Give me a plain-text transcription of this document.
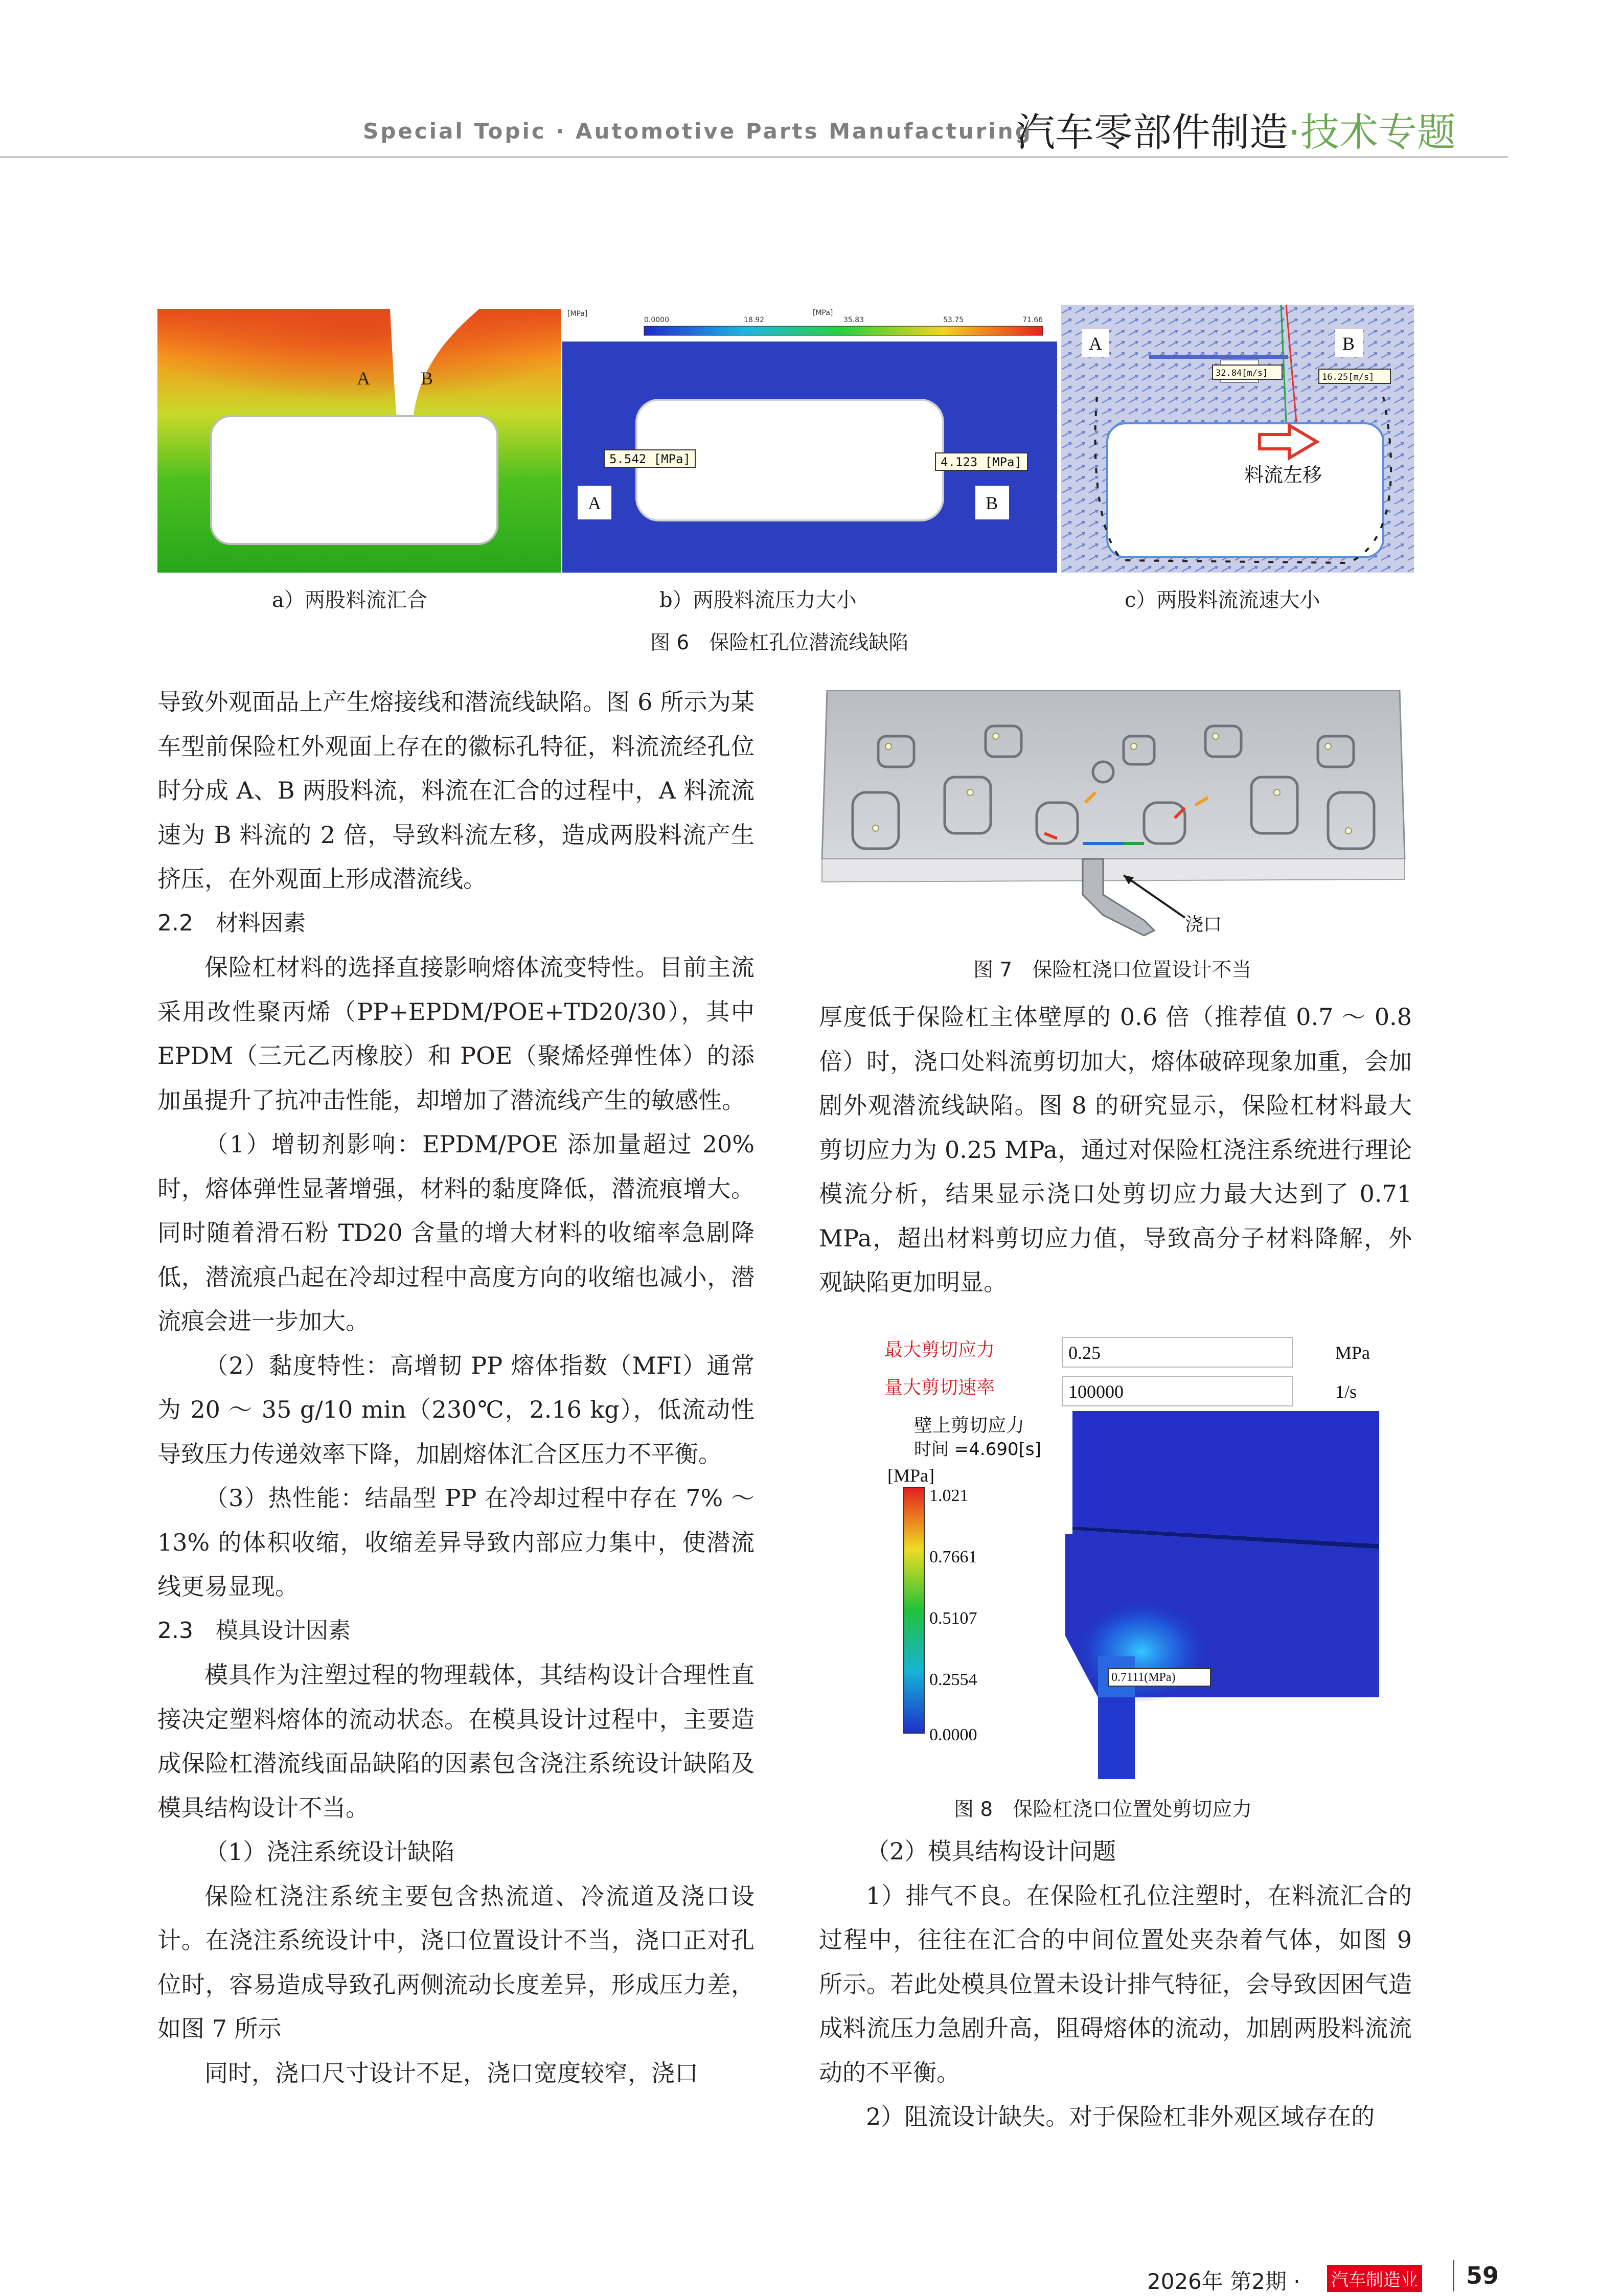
Special Topic · Automotive Parts Manufacturing
汽车零部件制造·技术专题
A	B
[MPa]
0.0000	18.92	35.83	53.75	71.66
[MPa]
5.542 [MPa]	4.123 [MPa]
A	B
A	B
32.84[m/s]	16.25[m/s]
料流左移
a）两股料流汇合	b）两股料流压力大小	c）两股料流流速大小
图 6　保险杠孔位潜流线缺陷

导致外观面品上产生熔接线和潜流线缺陷。图 6 所示为某车型前保险杠外观面上存在的徽标孔特征，料流流经孔位时分成 A、B 两股料流，料流在汇合的过程中，A 料流流速为 B 料流的 2 倍，导致料流左移，造成两股料流产生挤压，在外观面上形成潜流线。

2.2　材料因素

保险杠材料的选择直接影响熔体流变特性。目前主流采用改性聚丙烯（PP+EPDM/POE+TD20/30），其中 EPDM（三元乙丙橡胶）和 POE（聚烯烃弹性体）的添加虽提升了抗冲击性能，却增加了潜流线产生的敏感性。

（1）增韧剂影响：EPDM/POE 添加量超过 20% 时，熔体弹性显著增强，材料的黏度降低，潜流痕增大。同时随着滑石粉 TD20 含量的增大材料的收缩率急剧降低，潜流痕凸起在冷却过程中高度方向的收缩也减小，潜流痕会进一步加大。

（2）黏度特性：高增韧 PP 熔体指数（MFI）通常为 20 ～ 35 g/10 min（230℃，2.16 kg），低流动性导致压力传递效率下降，加剧熔体汇合区压力不平衡。

（3）热性能：结晶型 PP 在冷却过程中存在 7% ～ 13% 的体积收缩，收缩差异导致内部应力集中，使潜流线更易显现。

2.3　模具设计因素

模具作为注塑过程的物理载体，其结构设计合理性直接决定塑料熔体的流动状态。在模具设计过程中，主要造成保险杠潜流线面品缺陷的因素包含浇注系统设计缺陷及模具结构设计不当。

（1）浇注系统设计缺陷

保险杠浇注系统主要包含热流道、冷流道及浇口设计。在浇注系统设计中，浇口位置设计不当，浇口正对孔位时，容易造成导致孔两侧流动长度差异，形成压力差，如图 7 所示

同时，浇口尺寸设计不足，浇口宽度较窄，浇口

浇口
图 7　保险杠浇口位置设计不当

厚度低于保险杠主体壁厚的 0.6 倍（推荐值 0.7 ～ 0.8 倍）时，浇口处料流剪切加大，熔体破碎现象加重，会加剧外观潜流线缺陷。图 8 的研究显示，保险杠材料最大剪切应力为 0.25 MPa，通过对保险杠浇注系统进行理论模流分析，结果显示浇口处剪切应力最大达到了 0.71 MPa，超出材料剪切应力值，导致高分子材料降解，外观缺陷更加明显。

最大剪切应力	0.25	MPa
量大剪切速率	100000	1/s
0.7111(MPa)
壁上剪切应力
时间 =4.690[s]
[MPa]
1.021
0.7661
0.5107
0.2554
0.0000
图 8　保险杠浇口位置处剪切应力

（2）模具结构设计问题

1）排气不良。在保险杠孔位注塑时，在料流汇合的过程中，往往在汇合的中间位置处夹杂着气体，如图 9 所示。若此处模具位置未设计排气特征，会导致因困气造成料流压力急剧升高，阻碍熔体的流动，加剧两股料流流动的不平衡。

2）阻流设计缺失。对于保险杠非外观区域存在的

2026年 第2期 · 汽车制造业 59
